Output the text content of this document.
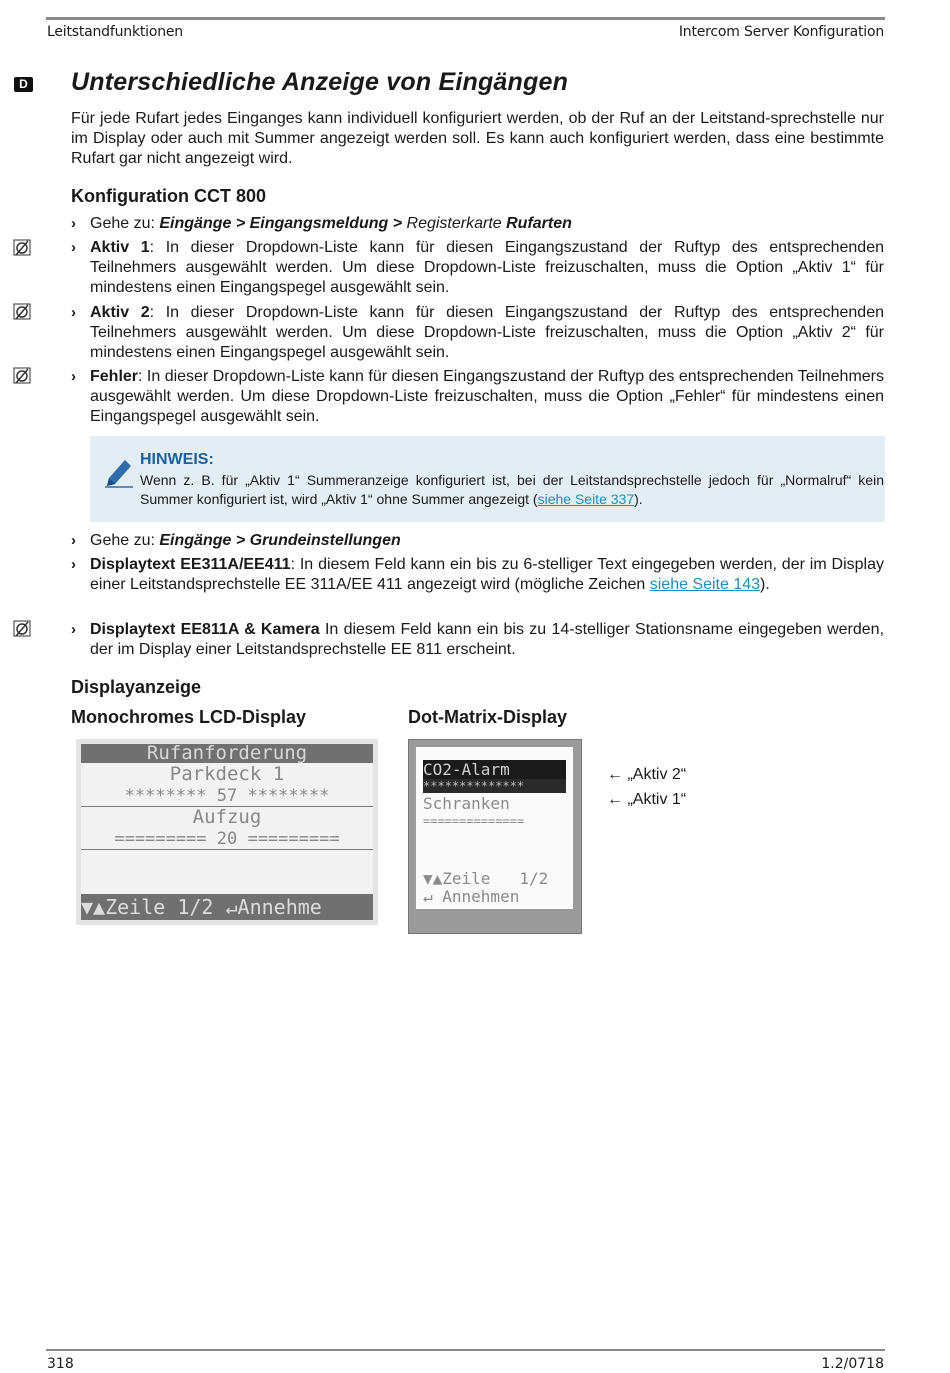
Leitstandfunktionen	Intercom Server Konfiguration
D Unterschiedliche Anzeige von Eingängen
Für jede Rufart jedes Einganges kann individuell konfiguriert werden, ob der Ruf an der Leitstand-sprechstelle nur im Display oder auch mit Summer angezeigt werden soll. Es kann auch konfiguriert werden, dass eine bestimmte Rufart gar nicht angezeigt wird.
Konfiguration CCT 800
› Gehe zu: Eingänge > Eingangsmeldung > Registerkarte Rufarten
› Aktiv 1: In dieser Dropdown-Liste kann für diesen Eingangszustand der Ruftyp des entsprechenden Teilnehmers ausgewählt werden. Um diese Dropdown-Liste freizuschalten, muss die Option „Aktiv 1“ für mindestens einen Eingangspegel ausgewählt sein.
› Aktiv 2: In dieser Dropdown-Liste kann für diesen Eingangszustand der Ruftyp des entsprechenden Teilnehmers ausgewählt werden. Um diese Dropdown-Liste freizuschalten, muss die Option „Aktiv 2“ für mindestens einen Eingangspegel ausgewählt sein.
› Fehler: In dieser Dropdown-Liste kann für diesen Eingangszustand der Ruftyp des entsprechenden Teilnehmers ausgewählt werden. Um diese Dropdown-Liste freizuschalten, muss die Option „Fehler“ für mindestens einen Eingangspegel ausgewählt sein.
HINWEIS:
Wenn z. B. für „Aktiv 1“ Summeranzeige konfiguriert ist, bei der Leitstandsprechstelle jedoch für „Normalruf“ kein Summer konfiguriert ist, wird „Aktiv 1“ ohne Summer angezeigt (siehe Seite 337).
› Gehe zu: Eingänge > Grundeinstellungen
› Displaytext EE311A/EE411: In diesem Feld kann ein bis zu 6-stelliger Text eingegeben werden, der im Display einer Leitstandsprechstelle EE 311A/EE 411 angezeigt wird (mögliche Zeichen siehe Seite 143).
› Displaytext EE811A & Kamera In diesem Feld kann ein bis zu 14-stelliger Stationsname eingegeben werden, der im Display einer Leitstandsprechstelle EE 811 erscheint.
Displayanzeige
Monochromes LCD-Display	Dot-Matrix-Display
Rufanforderung
Parkdeck 1
******** 57 ********
Aufzug
========= 20 =========
▼▲Zeile 1/2 ↵Annehme
CO2-Alarm
**************
Schranken
==============
▼▲Zeile   1/2
↵ Annehmen
← „Aktiv 2“
← „Aktiv 1“
318	1.2/0718
